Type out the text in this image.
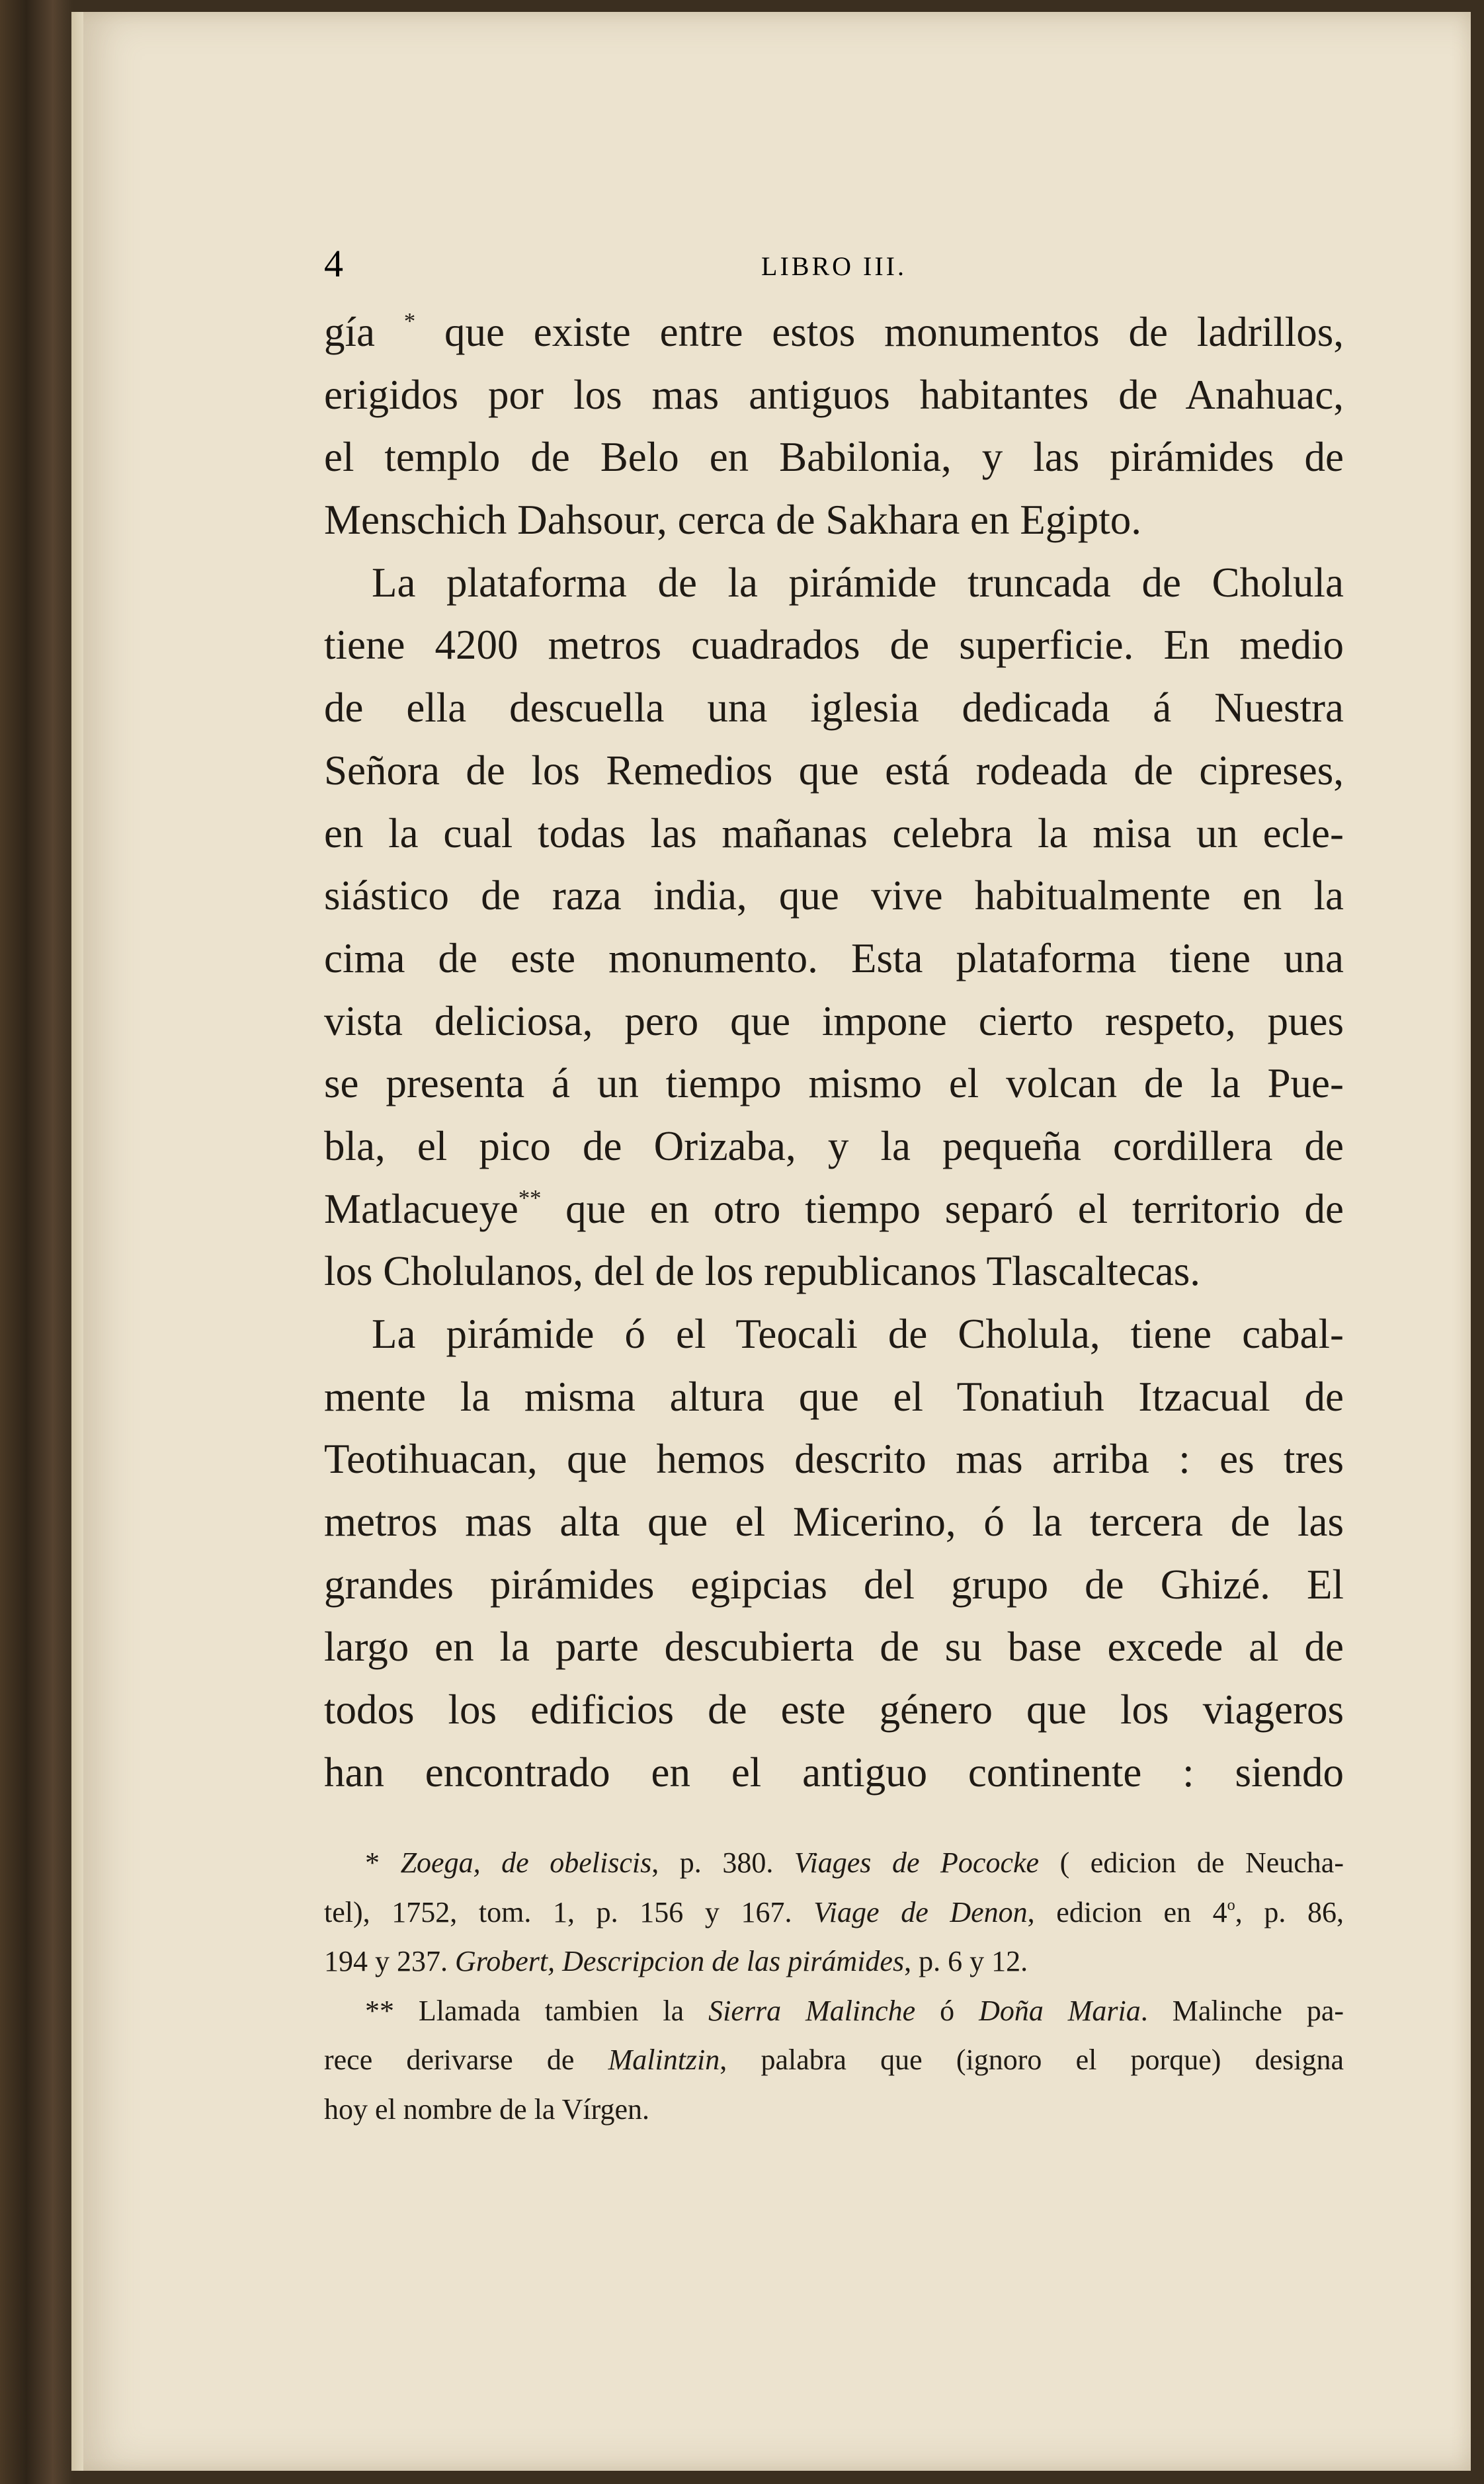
4	LIBRO III.
gía * que existe entre estos monumentos de ladrillos,
erigidos por los mas antiguos habitantes de Anahuac,
el templo de Belo en Babilonia, y las pirámides de
Menschich Dahsour, cerca de Sakhara en Egipto.
La plataforma de la pirámide truncada de Cholula
tiene 4200 metros cuadrados de superficie. En medio
de ella descuella una iglesia dedicada á Nuestra
Señora de los Remedios que está rodeada de cipreses,
en la cual todas las mañanas celebra la misa un ecle-
siástico de raza india, que vive habitualmente en la
cima de este monumento. Esta plataforma tiene una
vista deliciosa, pero que impone cierto respeto, pues
se presenta á un tiempo mismo el volcan de la Pue-
bla, el pico de Orizaba, y la pequeña cordillera de
Matlacueye** que en otro tiempo separó el territorio de
los Cholulanos, del de los republicanos Tlascaltecas.
La pirámide ó el Teocali de Cholula, tiene cabal-
mente la misma altura que el Tonatiuh Itzacual de
Teotihuacan, que hemos descrito mas arriba : es tres
metros mas alta que el Micerino, ó la tercera de las
grandes pirámides egipcias del grupo de Ghizé. El
largo en la parte descubierta de su base excede al de
todos los edificios de este género que los viageros
han encontrado en el antiguo continente : siendo
* Zoega, de obeliscis, p. 380. Viages de Pococke ( edicion de Neucha-
tel), 1752, tom. 1, p. 156 y 167. Viage de Denon, edicion en 4$^o$, p. 86,
194 y 237. Grobert, Descripcion de las pirámides, p. 6 y 12.
** Llamada tambien la Sierra Malinche ó Doña Maria. Malinche pa-
rece derivarse de Malintzin, palabra que (ignoro el porque) designa
hoy el nombre de la Vírgen.
